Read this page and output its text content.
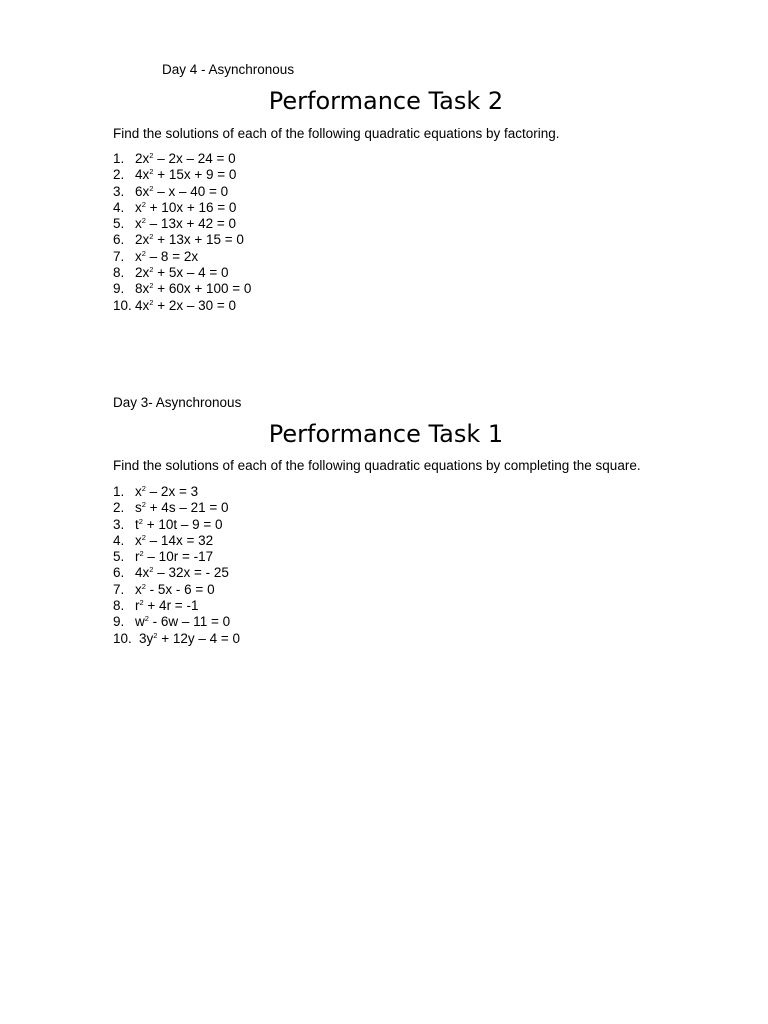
Day 4 - Asynchronous
Performance Task 2
Find the solutions of each of the following quadratic equations by factoring.
1. $2x^2 - 2x - 24 = 0$
2. $4x^2 + 15x + 9 = 0$
3. $6x^2 - x - 40 = 0$
4. $x^2 + 10x + 16 = 0$
5. $x^2 - 13x + 42 = 0$
6. $2x^2 + 13x + 15 = 0$
7. $x^2 - 8 = 2x$
8. $2x^2 + 5x - 4 = 0$
9. $8x^2 + 60x + 100 = 0$
10. $4x^2 + 2x - 30 = 0$
Day 3- Asynchronous
Performance Task 1
Find the solutions of each of the following quadratic equations by completing the square.
1. $x^2 - 2x = 3$
2. $s^2 + 4s - 21 = 0$
3. $t^2 + 10t - 9 = 0$
4. $x^2 - 14x = 32$
5. $r^2 - 10r = -17$
6. $4x^2 - 32x$ = - 25
7. $x^2 - 5x - 6 = 0$
8. $r^2 + 4r = -1$
9. $w^2 - 6w - 11 = 0$
10. $3y^2 + 12y - 4 = 0$
